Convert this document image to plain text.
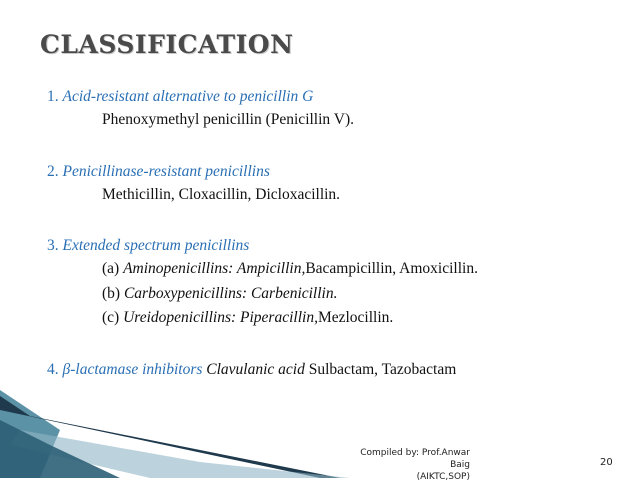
CLASSIFICATION
1. Acid-resistant alternative to penicillin G
Phenoxymethyl penicillin (Penicillin V).
2. Penicillinase-resistant penicillins
Methicillin, Cloxacillin, Dicloxacillin.
3. Extended spectrum penicillins
(a) Aminopenicillins: Ampicillin,Bacampicillin, Amoxicillin.
(b) Carboxypenicillins: Carbenicillin.
(c) Ureidopenicillins: Piperacillin,Mezlocillin.
4. β-lactamase inhibitors Clavulanic acid Sulbactam, Tazobactam
Compiled by: Prof.Anwar Baig
(AIKTC,SOP)
20
